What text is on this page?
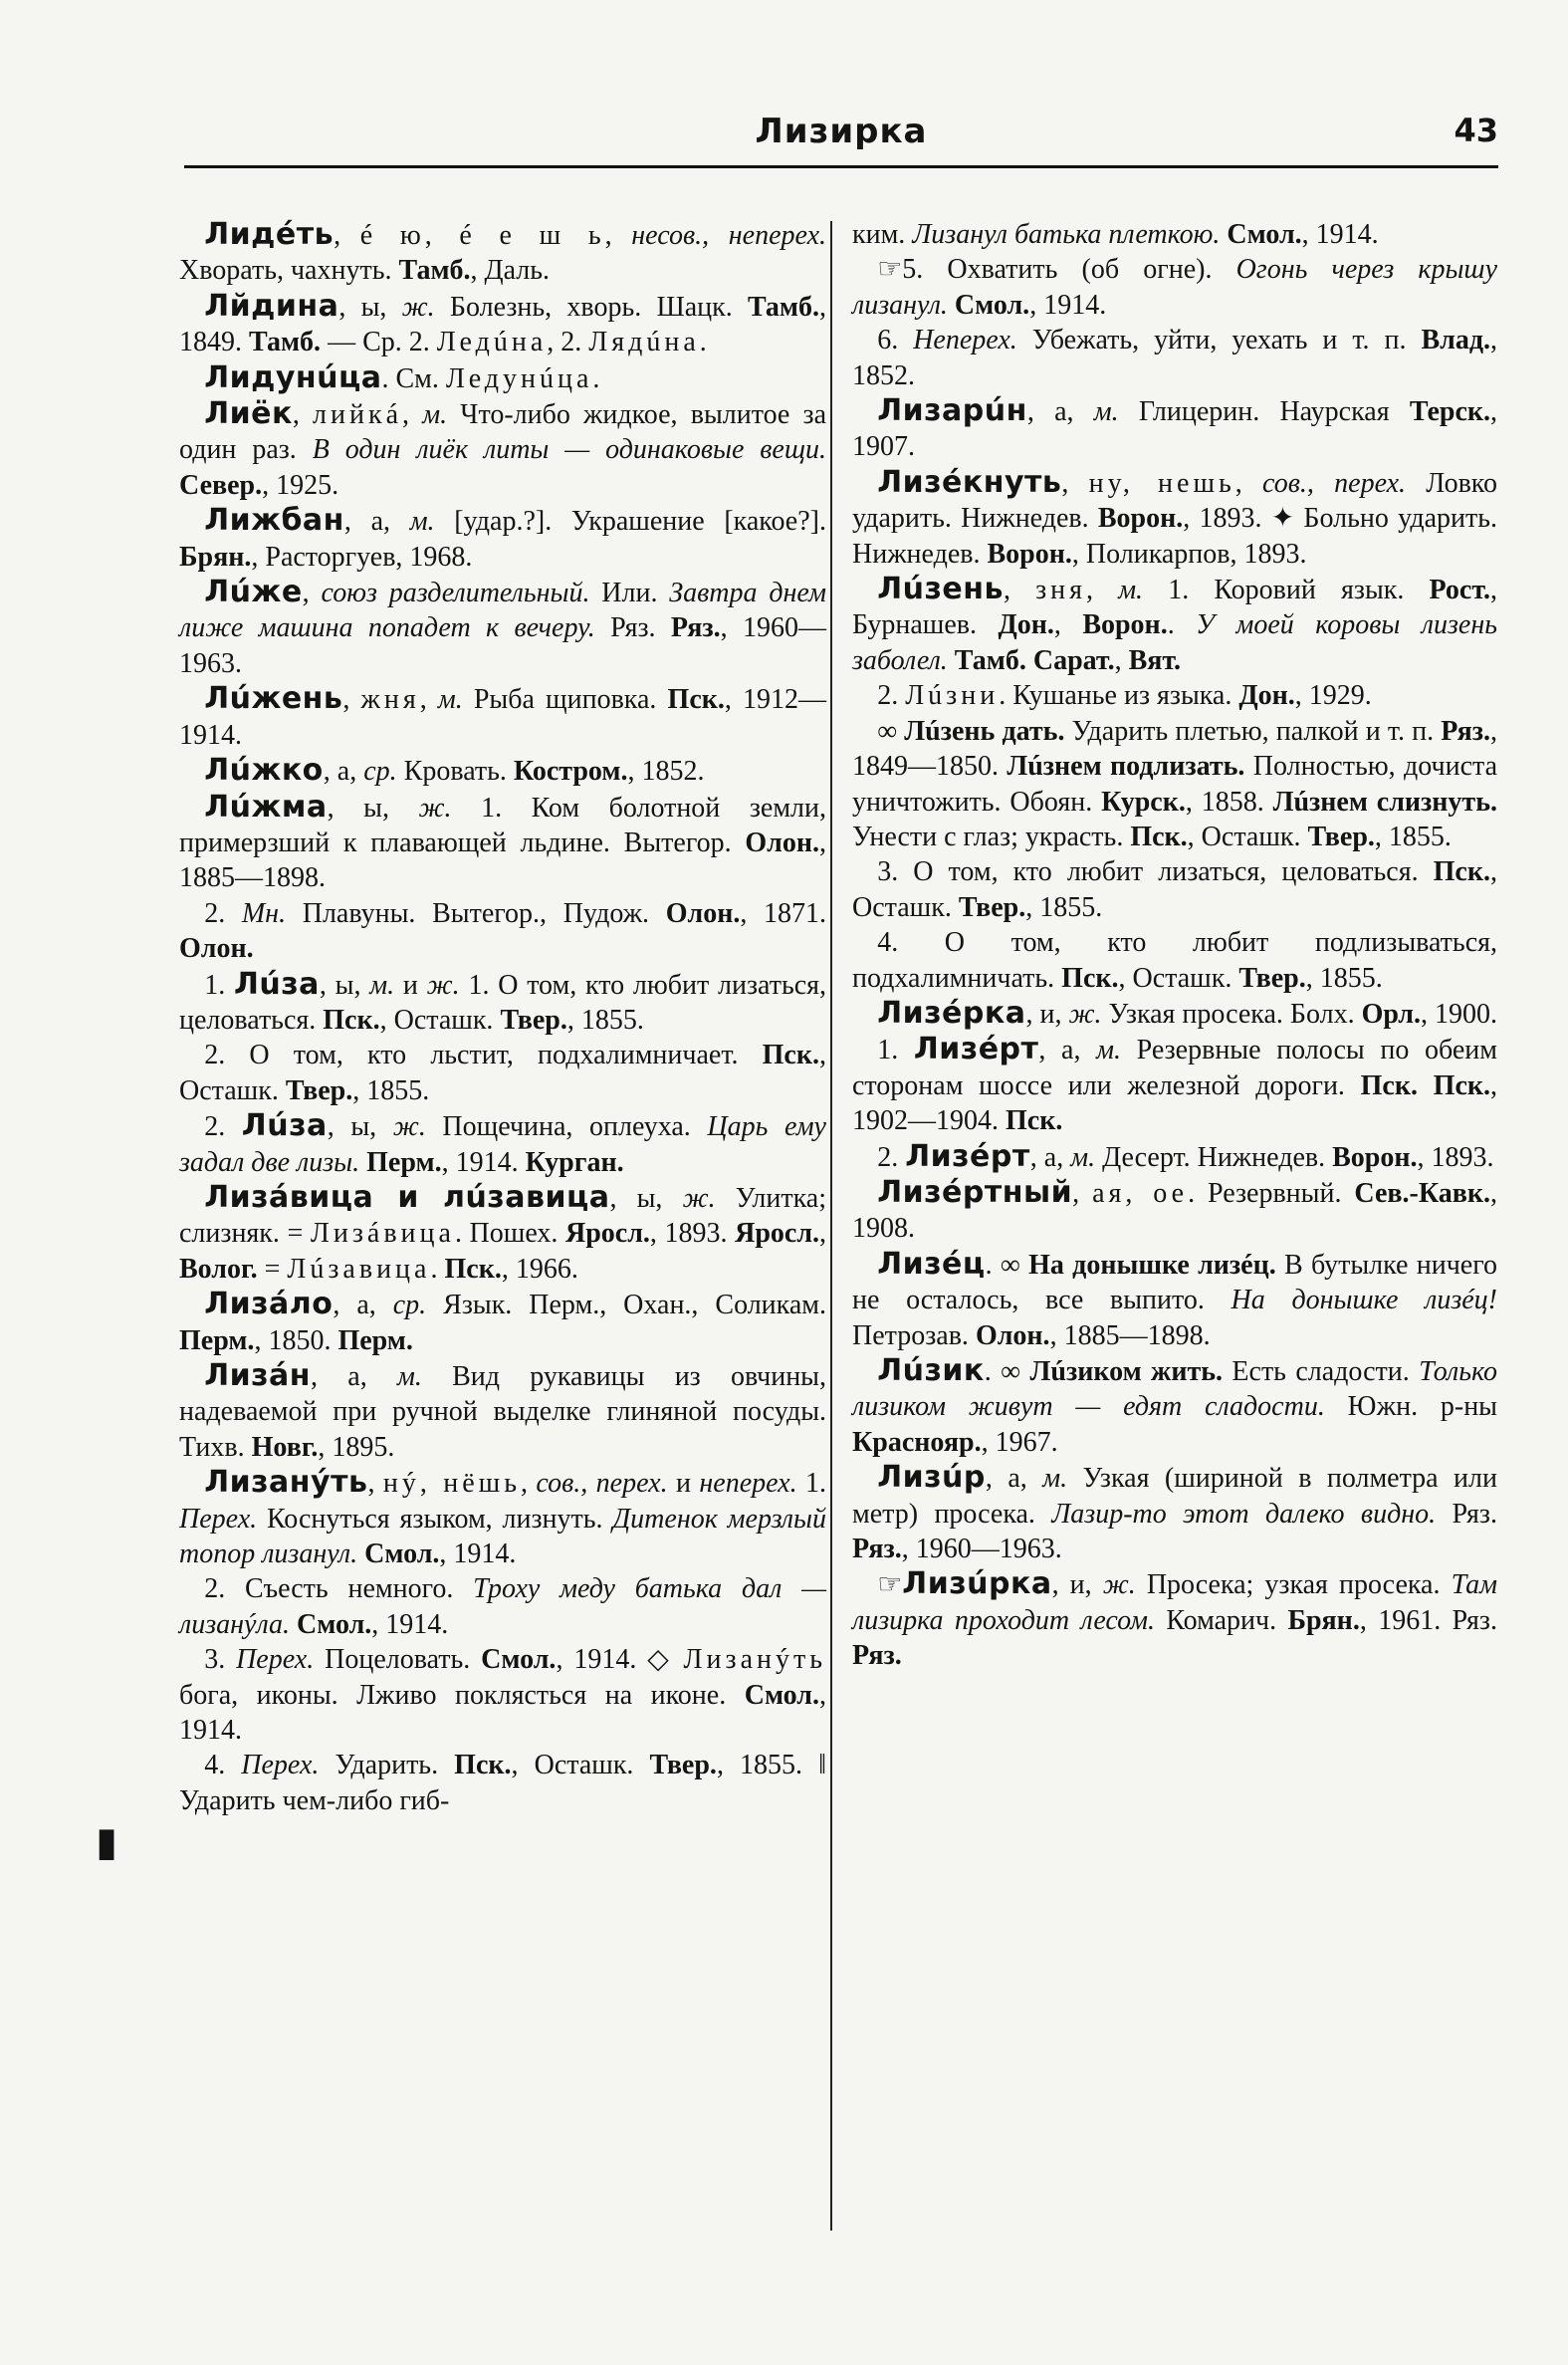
Лизирка	43
▮

Лидéть, é ю, é е ш ь, несов., неперех. Хворать, чахнуть. Тамб., Даль.

Лйдина, ы, ж. Болезнь, хворь. Шацк. Тамб., 1849. Тамб. — Ср. 2. Ледúна, 2. Лядúна.

Лидунúца. См. Ледунúца.

Лиёк, лийкá, м. Что-либо жидкое, вылитое за один раз. В один лиёк литы — одинаковые вещи. Север., 1925.

Лижбан, а, м. [удар.?]. Украшение [какое?]. Брян., Расторгуев, 1968.

Лúже, союз разделительный. Или. Завтра днем лиже машина попадет к вечеру. Ряз. Ряз., 1960—1963.

Лúжень, жня, м. Рыба щиповка. Пск., 1912—1914.

Лúжко, а, ср. Кровать. Костром., 1852.

Лúжма, ы, ж. 1. Ком болотной земли, примерзший к плавающей льдине. Вытегор. Олон., 1885—1898.

2. Мн. Плавуны. Вытегор., Пудож. Олон., 1871. Олон.

1. Лúза, ы, м. и ж. 1. О том, кто любит лизаться, целоваться. Пск., Осташк. Твер., 1855.

2. О том, кто льстит, подхалимничает. Пск., Осташк. Твер., 1855.

2. Лúза, ы, ж. Пощечина, оплеуха. Царь ему задал две лизы. Перм., 1914. Курган.

Лизáвица и лúзавица, ы, ж. Улитка; слизняк. = Лизáвица. Пошех. Яросл., 1893. Яросл., Волог. = Лúзавица. Пск., 1966.

Лизáло, а, ср. Язык. Перм., Охан., Соликам. Перм., 1850. Перм.

Лизáн, а, м. Вид рукавицы из овчины, надеваемой при ручной выделке глиняной посуды. Тихв. Новг., 1895.

Лизанýть, нý, нёшь, сов., перех. и неперех. 1. Перех. Коснуться языком, лизнуть. Дитенок мерзлый топор лизанул. Смол., 1914.

2. Съесть немного. Троху меду батька дал — лизанýла. Смол., 1914.

3. Перех. Поцеловать. Смол., 1914. ◇ Лизанýть бога, иконы. Лживо поклясться на иконе. Смол., 1914.

4. Перех. Ударить. Пск., Осташк. Твер., 1855. ‖ Ударить чем-либо гиб-

ким. Лизанул батька плеткою. Смол., 1914.

☞5. Охватить (об огне). Огонь через крышу лизанул. Смол., 1914.

6. Неперех. Убежать, уйти, уехать и т. п. Влад., 1852.

Лизарúн, а, м. Глицерин. Наурская Терск., 1907.

Лизéкнуть, ну, нешь, сов., перех. Ловко ударить. Нижнедев. Ворон., 1893. ✦ Больно ударить. Нижнедев. Ворон., Поликарпов, 1893.

Лúзень, зня, м. 1. Коровий язык. Рост., Бурнашев. Дон., Ворон.. У моей коровы лизень заболел. Тамб. Сарат., Вят.

2. Лúзни. Кушанье из языка. Дон., 1929.

∞ Лúзень дать. Ударить плетью, палкой и т. п. Ряз., 1849—1850. Лúзнем подлизать. Полностью, дочиста уничтожить. Обоян. Курск., 1858. Лúзнем слизнуть. Унести с глаз; украсть. Пск., Осташк. Твер., 1855.

3. О том, кто любит лизаться, целоваться. Пск., Осташк. Твер., 1855.

4. О том, кто любит подлизываться, подхалимничать. Пск., Осташк. Твер., 1855.

Лизéрка, и, ж. Узкая просека. Болх. Орл., 1900.

1. Лизéрт, а, м. Резервные полосы по обеим сторонам шоссе или железной дороги. Пск. Пск., 1902—1904. Пск.

2. Лизéрт, а, м. Десерт. Нижнедев. Ворон., 1893.

Лизéртный, ая, ое. Резервный. Сев.-Кавк., 1908.

Лизéц. ∞ На донышке лизéц. В бутылке ничего не осталось, все выпито. На донышке лизéц! Петрозав. Олон., 1885—1898.

Лúзик. ∞ Лúзиком жить. Есть сладости. Только лизиком живут — едят сладости. Южн. р-ны Краснояр., 1967.

Лизúр, а, м. Узкая (шириной в полметра или метр) просека. Лазир-то этот далеко видно. Ряз. Ряз., 1960—1963.

☞Лизúрка, и, ж. Просека; узкая просека. Там лизирка проходит лесом. Комарич. Брян., 1961. Ряз. Ряз.
